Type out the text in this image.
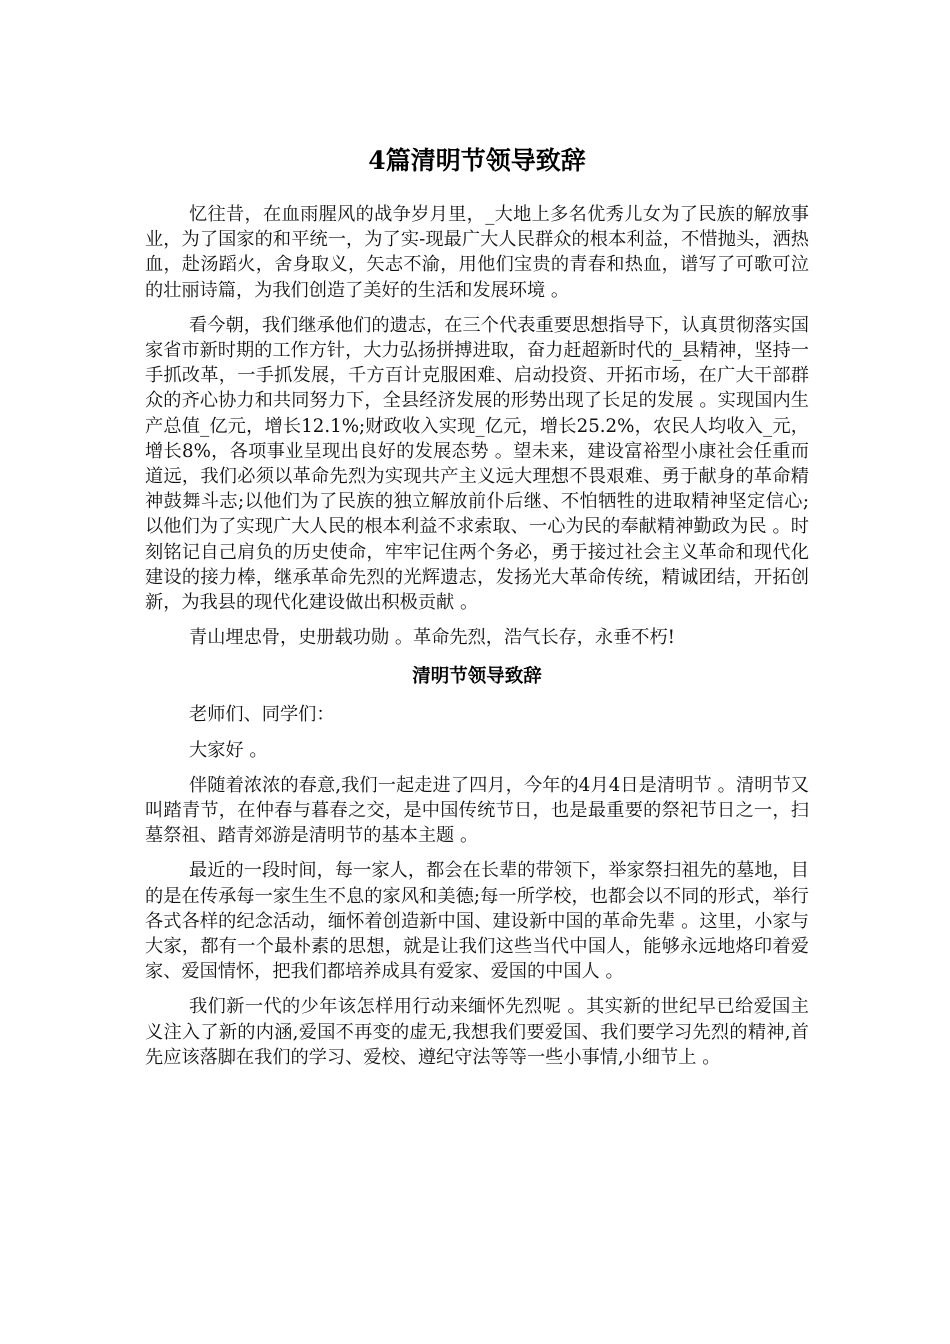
4篇清明节领导致辞

忆往昔，在血雨腥风的战争岁月里，_大地上多名优秀儿女为了民族的解放事业，为了国家的和平统一，为了实-现最广大人民群众的根本利益，不惜抛头，洒热血，赴汤蹈火，舍身取义，矢志不渝，用他们宝贵的青春和热血，谱写了可歌可泣的壮丽诗篇，为我们创造了美好的生活和发展环境 。

看今朝，我们继承他们的遗志，在三个代表重要思想指导下，认真贯彻落实国家省市新时期的工作方针，大力弘扬拼搏进取，奋力赶超新时代的_县精神，坚持一手抓改革，一手抓发展，千方百计克服困难、启动投资、开拓市场，在广大干部群众的齐心协力和共同努力下，全县经济发展的形势出现了长足的发展 。实现国内生产总值_亿元，增长12.1%;财政收入实现_亿元，增长25.2%，农民人均收入_元，增长8%，各项事业呈现出良好的发展态势 。望未来，建设富裕型小康社会任重而道远，我们必须以革命先烈为实现共产主义远大理想不畏艰难、勇于献身的革命精神鼓舞斗志;以他们为了民族的独立解放前仆后继、不怕牺牲的进取精神坚定信心;以他们为了实现广大人民的根本利益不求索取、一心为民的奉献精神勤政为民 。时刻铭记自己肩负的历史使命，牢牢记住两个务必，勇于接过社会主义革命和现代化建设的接力棒，继承革命先烈的光辉遗志，发扬光大革命传统，精诚团结，开拓创新，为我县的现代化建设做出积极贡献 。

青山埋忠骨，史册载功勋 。革命先烈，浩气长存，永垂不朽!

清明节领导致辞

老师们、同学们：

大家好 。

伴随着浓浓的春意,我们一起走进了四月，今年的4月4日是清明节 。清明节又叫踏青节，在仲春与暮春之交，是中国传统节日，也是最重要的祭祀节日之一，扫墓祭祖、踏青郊游是清明节的基本主题 。

最近的一段时间，每一家人，都会在长辈的带领下，举家祭扫祖先的墓地，目的是在传承每一家生生不息的家风和美德;每一所学校，也都会以不同的形式，举行各式各样的纪念活动，缅怀着创造新中国、建设新中国的革命先辈 。这里，小家与大家，都有一个最朴素的思想，就是让我们这些当代中国人，能够永远地烙印着爱家、爱国情怀，把我们都培养成具有爱家、爱国的中国人 。

我们新一代的少年该怎样用行动来缅怀先烈呢 。其实新的世纪早已给爱国主义注入了新的内涵,爱国不再变的虚无,我想我们要爱国、我们要学习先烈的精神,首先应该落脚在我们的学习、爱校、遵纪守法等等一些小事情,小细节上 。
